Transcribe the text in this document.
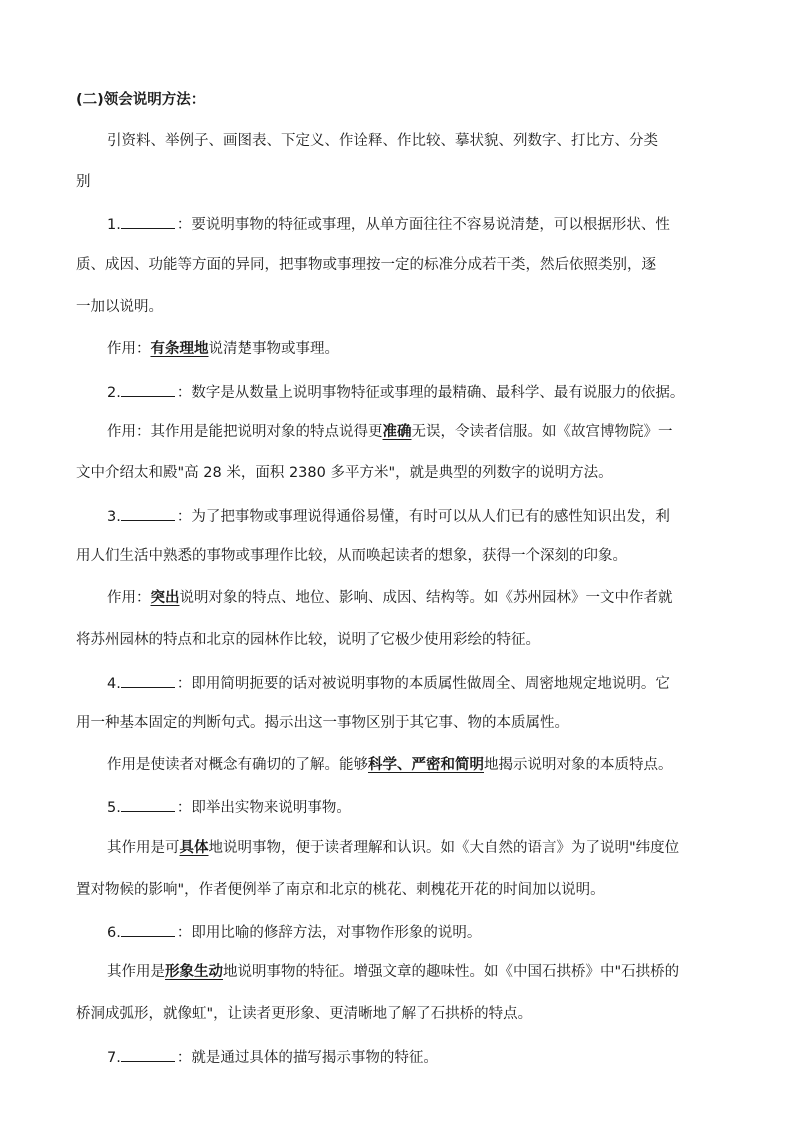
(二)领会说明方法：
引资料、举例子、画图表、下定义、作诠释、作比较、摹状貌、列数字、打比方、分类
别
1.	：要说明事物的特征或事理，从单方面往往不容易说清楚，可以根据形状、性
质、成因、功能等方面的异同，把事物或事理按一定的标准分成若干类，然后依照类别，逐
一加以说明。
作用：有条理地说清楚事物或事理。
2.	：数字是从数量上说明事物特征或事理的最精确、最科学、最有说服力的依据。
作用：其作用是能把说明对象的特点说得更准确无误，令读者信服。如《故宫博物院》一
文中介绍太和殿"高 28 米，面积 2380 多平方米"，就是典型的列数字的说明方法。
3.	：为了把事物或事理说得通俗易懂，有时可以从人们已有的感性知识出发，利
用人们生活中熟悉的事物或事理作比较，从而唤起读者的想象，获得一个深刻的印象。
作用：突出说明对象的特点、地位、影响、成因、结构等。如《苏州园林》一文中作者就
将苏州园林的特点和北京的园林作比较，说明了它极少使用彩绘的特征。
4.	：即用简明扼要的话对被说明事物的本质属性做周全、周密地规定地说明。它
用一种基本固定的判断句式。揭示出这一事物区别于其它事、物的本质属性。
作用是使读者对概念有确切的了解。能够科学、严密和简明地揭示说明对象的本质特点。
5.	：即举出实物来说明事物。
其作用是可具体地说明事物，便于读者理解和认识。如《大自然的语言》为了说明"纬度位
置对物候的影响"，作者便例举了南京和北京的桃花、刺槐花开花的时间加以说明。
6.	：即用比喻的修辞方法，对事物作形象的说明。
其作用是形象生动地说明事物的特征。增强文章的趣味性。如《中国石拱桥》中"石拱桥的
桥洞成弧形，就像虹"，让读者更形象、更清晰地了解了石拱桥的特点。
7.	：就是通过具体的描写揭示事物的特征。
